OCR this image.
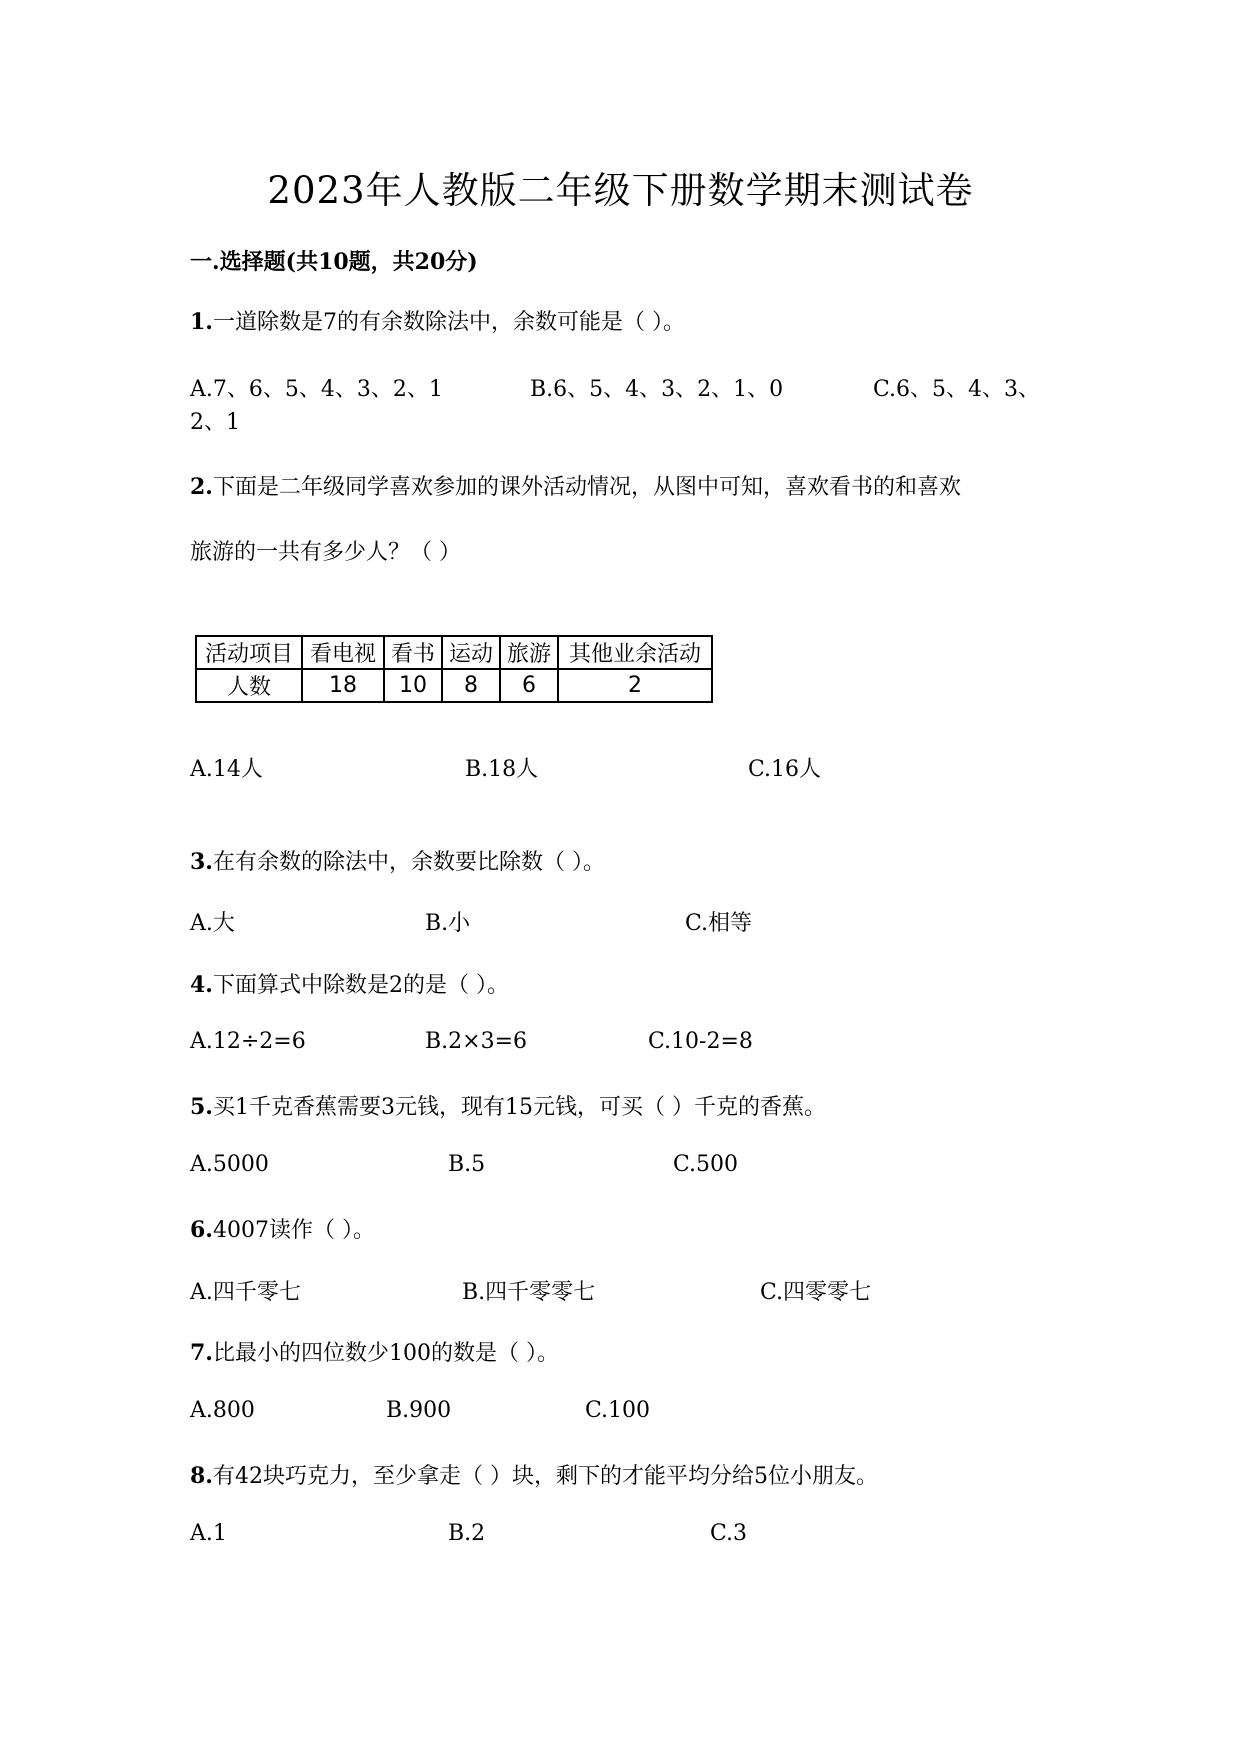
2023年人教版二年级下册数学期末测试卷
一.选择题(共10题，共20分)
1.一道除数是7的有余数除法中，余数可能是（ ）。
A.7、6、5、4、3、2、1	B.6、5、4、3、2、1、0	C.6、5、4、3、
2、1
2.下面是二年级同学喜欢参加的课外活动情况，从图中可知，喜欢看书的和喜欢
旅游的一共有多少人？（ ）
活动项目	看电视	看书	运动	旅游	其他业余活动
人数	18	10	8	6	2
A.14人	B.18人	C.16人
3.在有余数的除法中，余数要比除数（ ）。
A.大	B.小	C.相等
4.下面算式中除数是2的是（ ）。
A.12÷2=6	B.2×3=6	C.10-2=8
5.买1千克香蕉需要3元钱，现有15元钱，可买（ ）千克的香蕉。
A.5000	B.5	C.500
6.4007读作（ ）。
A.四千零七	B.四千零零七	C.四零零七
7.比最小的四位数少100的数是（ ）。
A.800	B.900	C.100
8.有42块巧克力，至少拿走（ ）块，剩下的才能平均分给5位小朋友。
A.1	B.2	C.3
